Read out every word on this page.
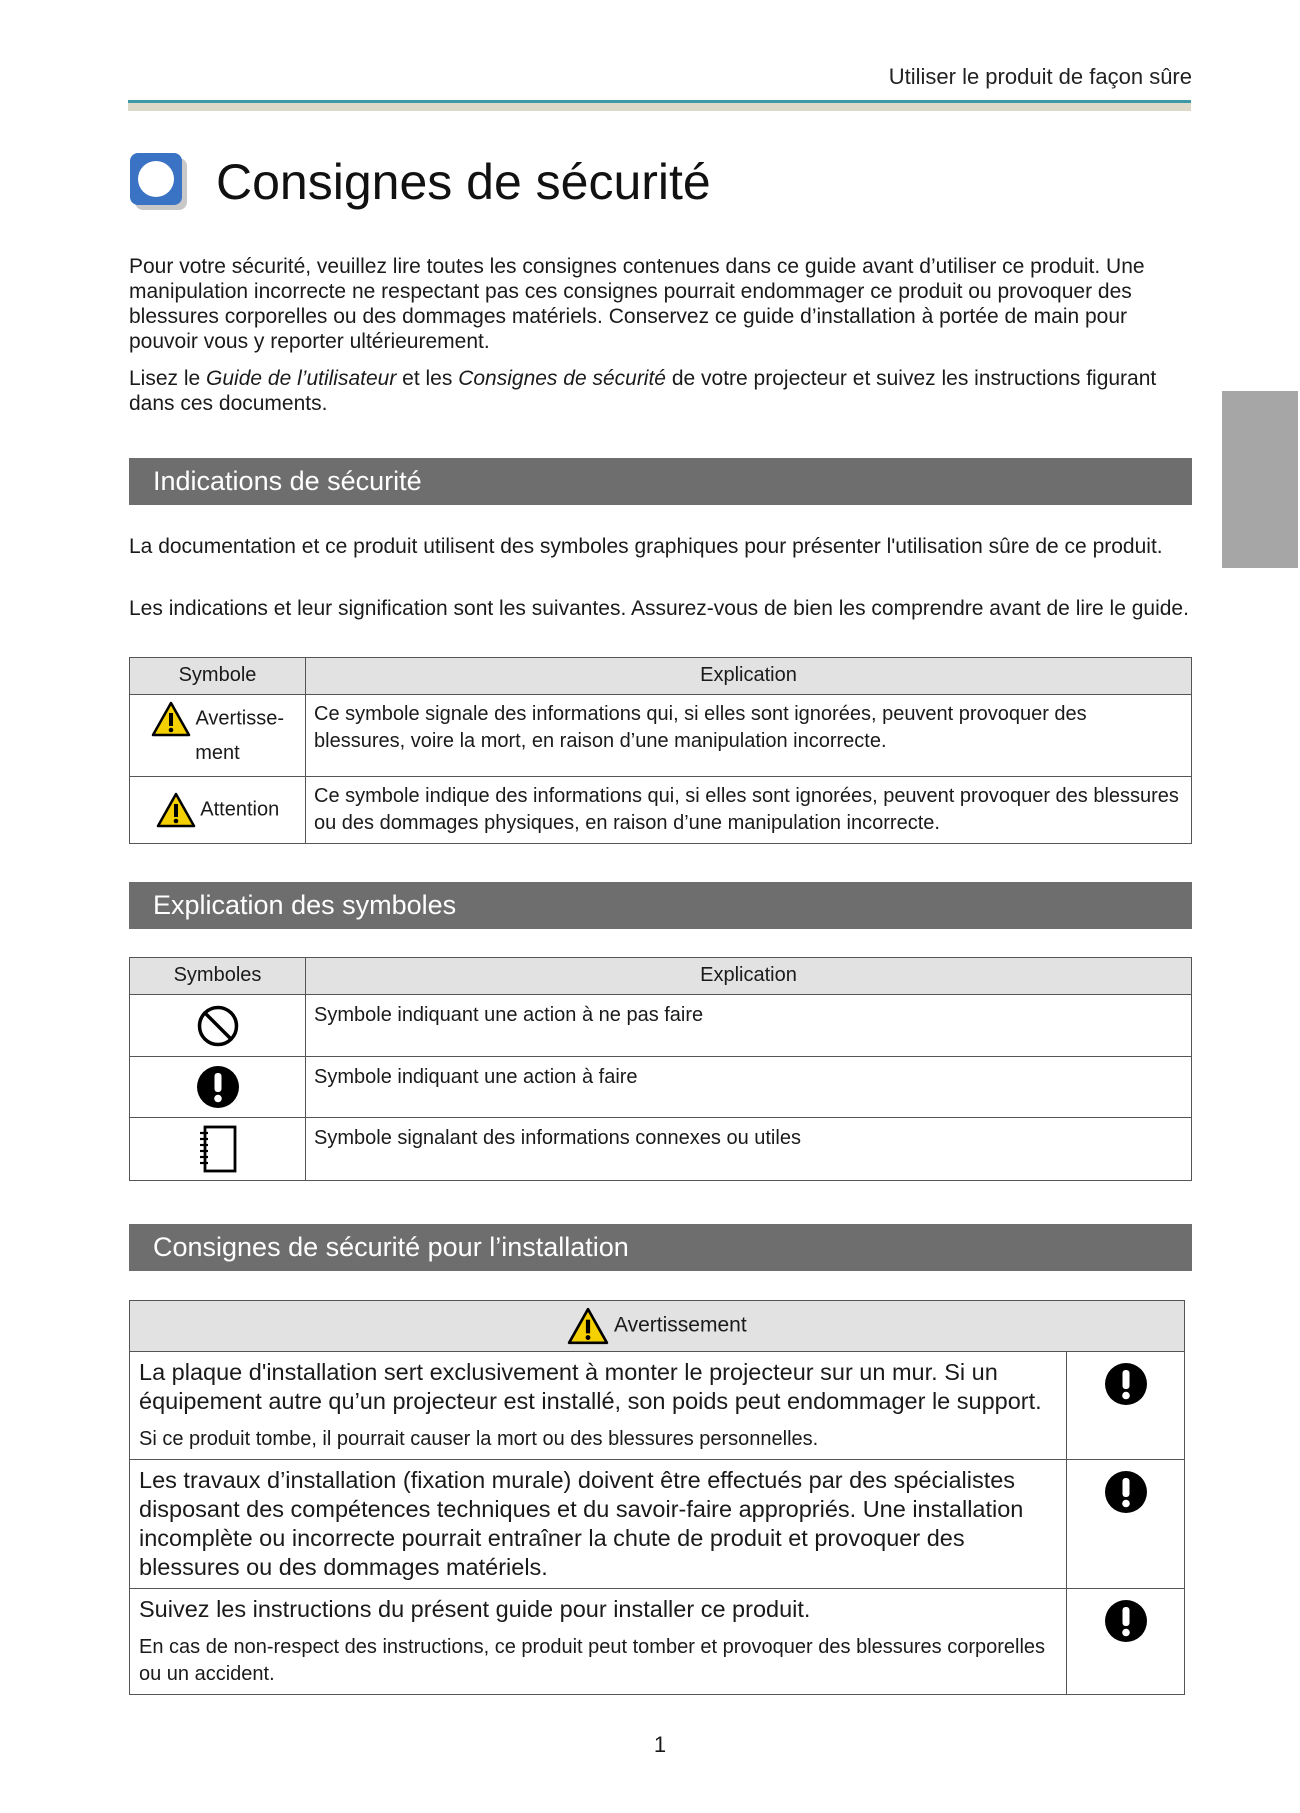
Utiliser le produit de façon sûre
Consignes de sécurité

Pour votre sécurité, veuillez lire toutes les consignes contenues dans ce guide avant d’utiliser ce produit. Une manipulation incorrecte ne respectant pas ces consignes pourrait endommager ce produit ou provoquer des blessures corporelles ou des dommages matériels. Conservez ce guide d’installation à portée de main pour pouvoir vous y reporter ultérieurement.

Lisez le Guide de l’utilisateur et les Consignes de sécurité de votre projecteur et suivez les instructions figurant dans ces documents.

Indications de sécurité

La documentation et ce produit utilisent des symboles graphiques pour présenter l'utilisation sûre de ce produit.

Les indications et leur signification sont les suivantes. Assurez-vous de bien les comprendre avant de lire le guide.

Symbole	Explication
Avertisse-
ment	Ce symbole signale des informations qui, si elles sont ignorées, peuvent provoquer des blessures, voire la mort, en raison d’une manipulation incorrecte.
Attention	Ce symbole indique des informations qui, si elles sont ignorées, peuvent provoquer des blessures ou des dommages physiques, en raison d’une manipulation incorrecte.
Explication des symboles
Symboles	Explication
	Symbole indiquant une action à ne pas faire
	Symbole indiquant une action à faire
	Symbole signalant des informations connexes ou utiles
Consignes de sécurité pour l’installation
Avertissement	

La plaque d'installation sert exclusivement à monter le projecteur sur un mur. Si un équipement autre qu’un projecteur est installé, son poids peut endommager le support.
Si ce produit tombe, il pourrait causer la mort ou des blessures personnelles.

Les travaux d’installation (fixation murale) doivent être effectués par des spécialistes disposant des compétences techniques et du savoir-faire appropriés. Une installation incomplète ou incorrecte pourrait entraîner la chute de produit et provoquer des blessures ou des dommages matériels.

Suivez les instructions du présent guide pour installer ce produit.
En cas de non-respect des instructions, ce produit peut tomber et provoquer des blessures corporelles ou un accident.

1
